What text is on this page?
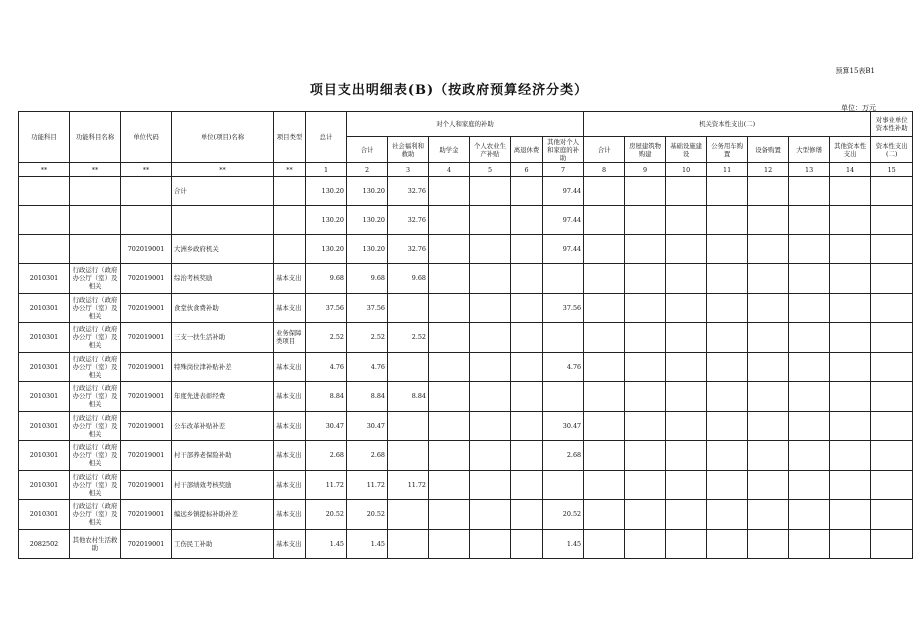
预算15表B1
项目支出明细表(B)（按政府预算经济分类）
单位：万元
功能科目	功能科目名称	单位代码	单位(项目)名称	项目类型	总计	对个人和家庭的补助						机关资本性支出(二)							对事业单位资本性补助
						合计	社会福利和救助	助学金	个人农业生产补贴	离退休费	其他对个人和家庭的补助	合计	房屋建筑物购建	基础设施建设	公务用车购置	设备购置	大型修缮	其他资本性支出	资本性支出(二)
**	**	**	**	**	1	2	3	4	5	6	7	8	9	10	11	12	13	14	15
			合计		130.20	130.20	32.76				97.44								
					130.20	130.20	32.76				97.44								
		702019001	大洲乡政府机关		130.20	130.20	32.76				97.44								
2010301	行政运行（政府办公厅（室）及相关	702019001	综治考核奖励	基本支出	9.68	9.68	9.68												
2010301	行政运行（政府办公厅（室）及相关	702019001	食堂伙食费补助	基本支出	37.56	37.56					37.56								
2010301	行政运行（政府办公厅（室）及相关	702019001	三支一扶生活补助	业务保障类项目	2.52	2.52	2.52												
2010301	行政运行（政府办公厅（室）及相关	702019001	特殊岗位津补贴补差	基本支出	4.76	4.76					4.76								
2010301	行政运行（政府办公厅（室）及相关	702019001	年度先进表彰经费	基本支出	8.84	8.84	8.84												
2010301	行政运行（政府办公厅（室）及相关	702019001	公车改革补贴补差	基本支出	30.47	30.47					30.47								
2010301	行政运行（政府办公厅（室）及相关	702019001	村干部养老保险补助	基本支出	2.68	2.68					2.68								
2010301	行政运行（政府办公厅（室）及相关	702019001	村干部绩效考核奖励	基本支出	11.72	11.72	11.72												
2010301	行政运行（政府办公厅（室）及相关	702019001	编远乡镇提标补助补差	基本支出	20.52	20.52					20.52								
2082502	其他农村生活救助	702019001	工伤民工补助	基本支出	1.45	1.45					1.45								
